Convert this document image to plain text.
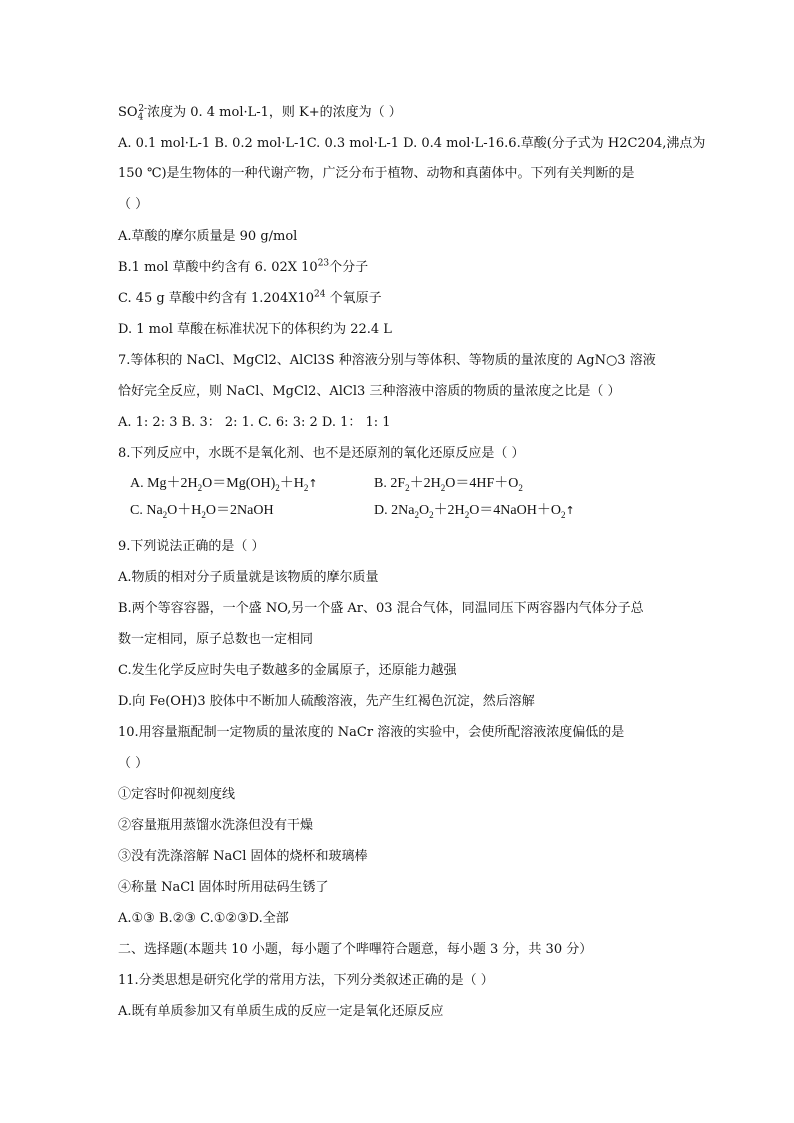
$SO_4^{2-}$浓度为 0. 4 mol·L-1，则 K+的浓度为（ ）
A. 0.1 mol·L-1 B. 0.2 mol·L-1C. 0.3 mol·L-1 D. 0.4 mol·L-16.6.草酸(分子式为 H2C204,沸点为
150 ℃)是生物体的一种代谢产物，广泛分布于植物、动物和真菌体中。下列有关判断的是
（ ）
A.草酸的摩尔质量是 90 g/mol
B.1 mol 草酸中约含有 6. 02X $10^{23}$个分子
C. 45 g 草酸中约含有 $1.204X10^{24}$ 个氧原子
D. 1 mol 草酸在标准状况下的体积约为 22.4 L
7.等体积的 NaCl、MgCl2、AlCl3S 种溶液分别与等体积、等物质的量浓度的 AgN○3 溶液
恰好完全反应，则 NaCl、MgCl2、AlCl3 三种溶液中溶质的物质的量浓度之比是（ ）
A. 1: 2: 3 B. 3： 2: 1. C. 6: 3: 2 D. 1： 1: 1
8.下列反应中，水既不是氧化剂、也不是还原剂的氧化还原反应是（ ）
A. $Mg+2H_2O=Mg(OH)_2+H_2↑$	B. $2F_2+2H_2O=4HF+O_2$
C. $Na_2O+H_2O=2NaOH$	D. $2Na_2O_2+2H_2O=4NaOH+O_2↑$
9.下列说法正确的是（ ）
A.物质的相对分子质量就是该物质的摩尔质量
B.两个等容容器，一个盛 NO,另一个盛 Ar、03 混合气体，同温同压下两容器内气体分子总
数一定相同，原子总数也一定相同
C.发生化学反应时失电子数越多的金属原子，还原能力越强
D.向 Fe(OH)3 胶体中不断加人硫酸溶液，先产生红褐色沉淀，然后溶解
10.用容量瓶配制一定物质的量浓度的 NaCr 溶液的实验中，会使所配溶液浓度偏低的是
（ ）
①定容时仰视刻度线
②容量瓶用蒸馏水洗涤但没有干燥
③没有洗涤溶解 NaCl 固体的烧杯和玻璃棒
④称量 NaCl 固体时所用砝码生锈了
A.①③ B.②③ C.①②③D.全部
二、选择题(本题共 10 小题，每小题了个哔嗶符合题意，每小题 3 分，共 30 分）
11.分类思想是研究化学的常用方法，下列分类叙述正确的是（ ）
A.既有单质参加又有单质生成的反应一定是氧化还原反应
